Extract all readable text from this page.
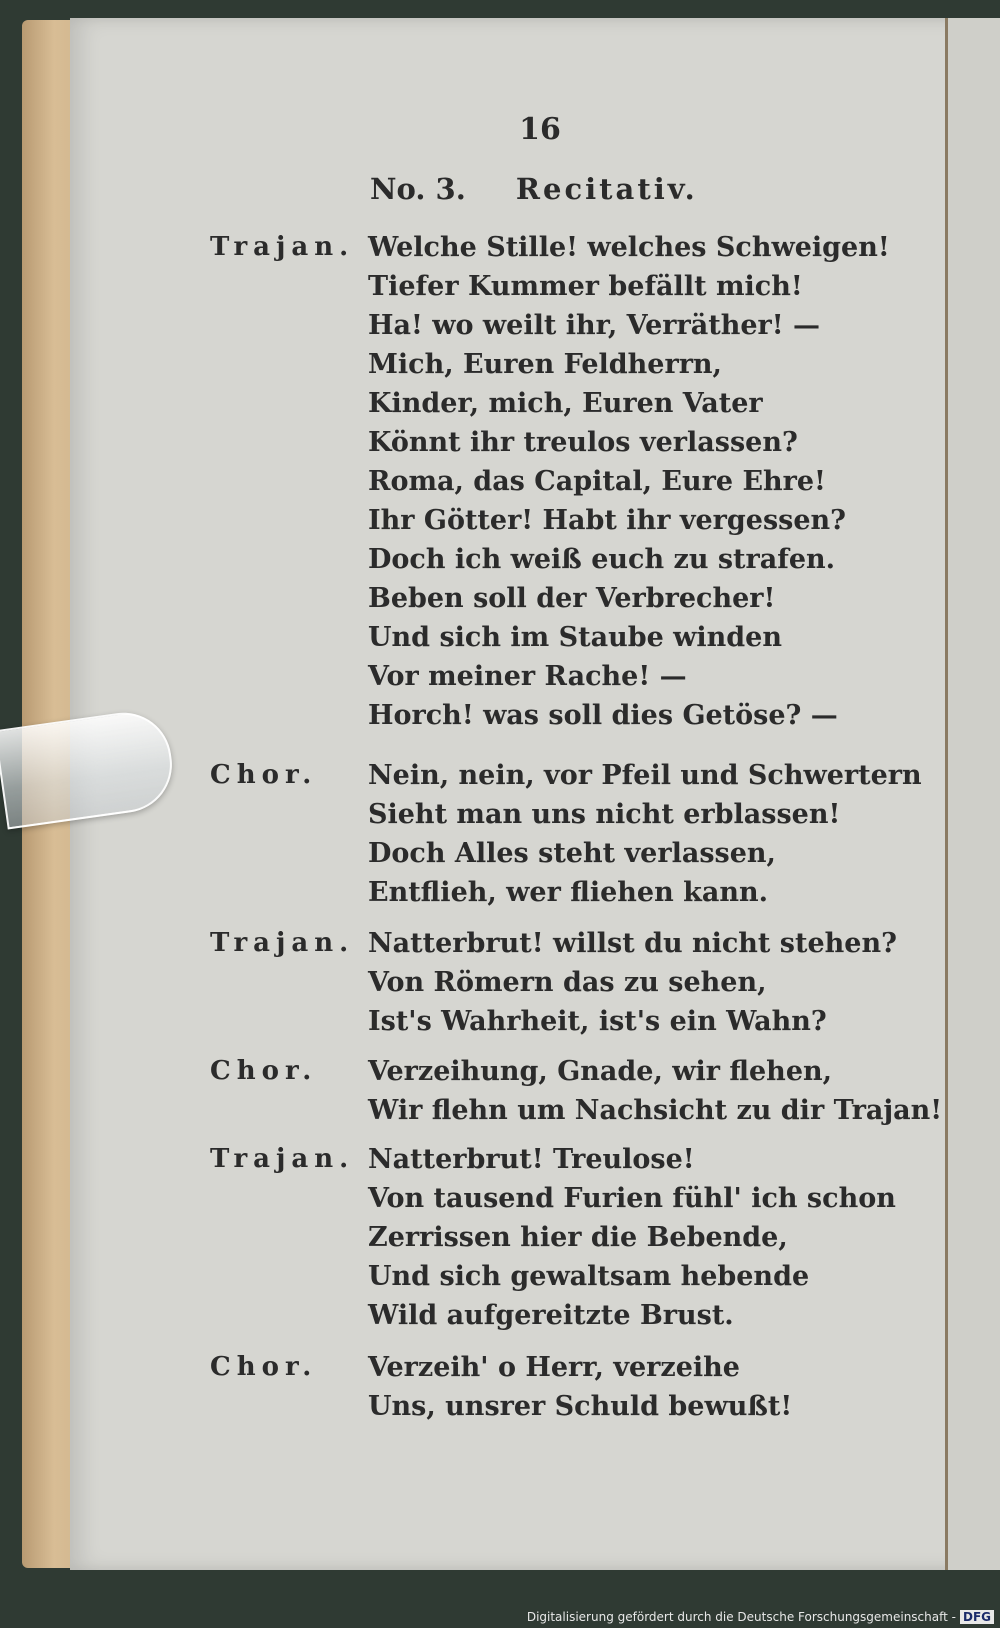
16
No. 3. Recitativ.
Trajan. Welche Stille! welches Schweigen!
Tiefer Kummer befällt mich!
Ha! wo weilt ihr, Verräther! —
Mich, Euren Feldherrn,
Kinder, mich, Euren Vater
Könnt ihr treulos verlassen?
Roma, das Capital, Eure Ehre!
Ihr Götter! Habt ihr vergessen?
Doch ich weiß euch zu strafen.
Beben soll der Verbrecher!
Und sich im Staube winden
Vor meiner Rache! —
Horch! was soll dies Getöse? —
Chor. Nein, nein, vor Pfeil und Schwertern
Sieht man uns nicht erblassen!
Doch Alles steht verlassen,
Entflieh, wer fliehen kann.
Trajan. Natterbrut! willst du nicht stehen?
Von Römern das zu sehen,
Ist's Wahrheit, ist's ein Wahn?
Chor. Verzeihung, Gnade, wir flehen,
Wir flehn um Nachsicht zu dir Trajan!
Trajan. Natterbrut! Treulose!
Von tausend Furien fühl' ich schon
Zerrissen hier die Bebende,
Und sich gewaltsam hebende
Wild aufgereitzte Brust.
Chor. Verzeih' o Herr, verzeihe
Uns, unsrer Schuld bewußt!
Digitalisierung gefördert durch die Deutsche Forschungsgemeinschaft - DFG
